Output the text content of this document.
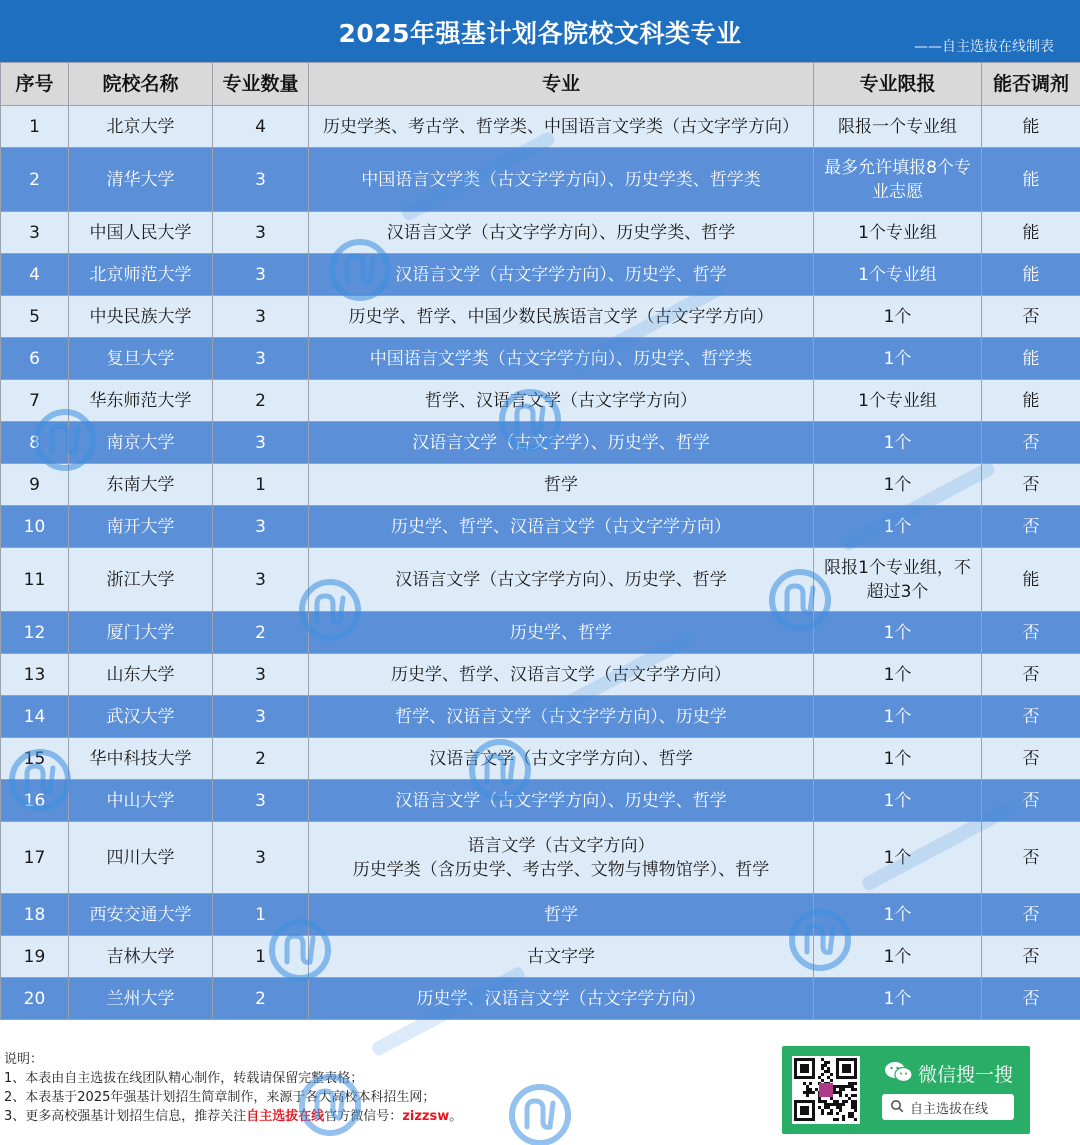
2025年强基计划各院校文科类专业	——自主选拔在线制表
序号	院校名称	专业数量	专业	专业限报	能否调剂
1	北京大学	4	历史学类、考古学、哲学类、中国语言文学类（古文字学方向）	限报一个专业组	能
2	清华大学	3	中国语言文学类（古文字学方向）、历史学类、哲学类	最多允许填报8个专
业志愿	能
3	中国人民大学	3	汉语言文学（古文字学方向）、历史学类、哲学	1个专业组	能
4	北京师范大学	3	汉语言文学（古文字学方向）、历史学、哲学	1个专业组	能
5	中央民族大学	3	历史学、哲学、中国少数民族语言文学（古文字学方向）	1个	否
6	复旦大学	3	中国语言文学类（古文字学方向）、历史学、哲学类	1个	能
7	华东师范大学	2	哲学、汉语言文学（古文字学方向）	1个专业组	能
8	南京大学	3	汉语言文学（古文字学）、历史学、哲学	1个	否
9	东南大学	1	哲学	1个	否
10	南开大学	3	历史学、哲学、汉语言文学（古文字学方向）	1个	否
11	浙江大学	3	汉语言文学（古文字学方向）、历史学、哲学	限报1个专业组，不
超过3个	能
12	厦门大学	2	历史学、哲学	1个	否
13	山东大学	3	历史学、哲学、汉语言文学（古文字学方向）	1个	否
14	武汉大学	3	哲学、汉语言文学（古文字学方向）、历史学	1个	否
15	华中科技大学	2	汉语言文学（古文字学方向）、哲学	1个	否
16	中山大学	3	汉语言文学（古文字学方向）、历史学、哲学	1个	否
17	四川大学	3	语言文学（古文字方向）
历史学类（含历史学、考古学、文物与博物馆学）、哲学	1个	否
18	西安交通大学	1	哲学	1个	否
19	吉林大学	1	古文字学	1个	否
20	兰州大学	2	历史学、汉语言文学（古文字学方向）	1个	否
说明：
1、本表由自主选拔在线团队精心制作，转载请保留完整表格；
2、本表基于2025年强基计划招生简章制作，来源于各大高校本科招生网；
3、更多高校强基计划招生信息，推荐关注自主选拔在线官方微信号：zizzsw。
微信搜一搜
自主选拔在线
